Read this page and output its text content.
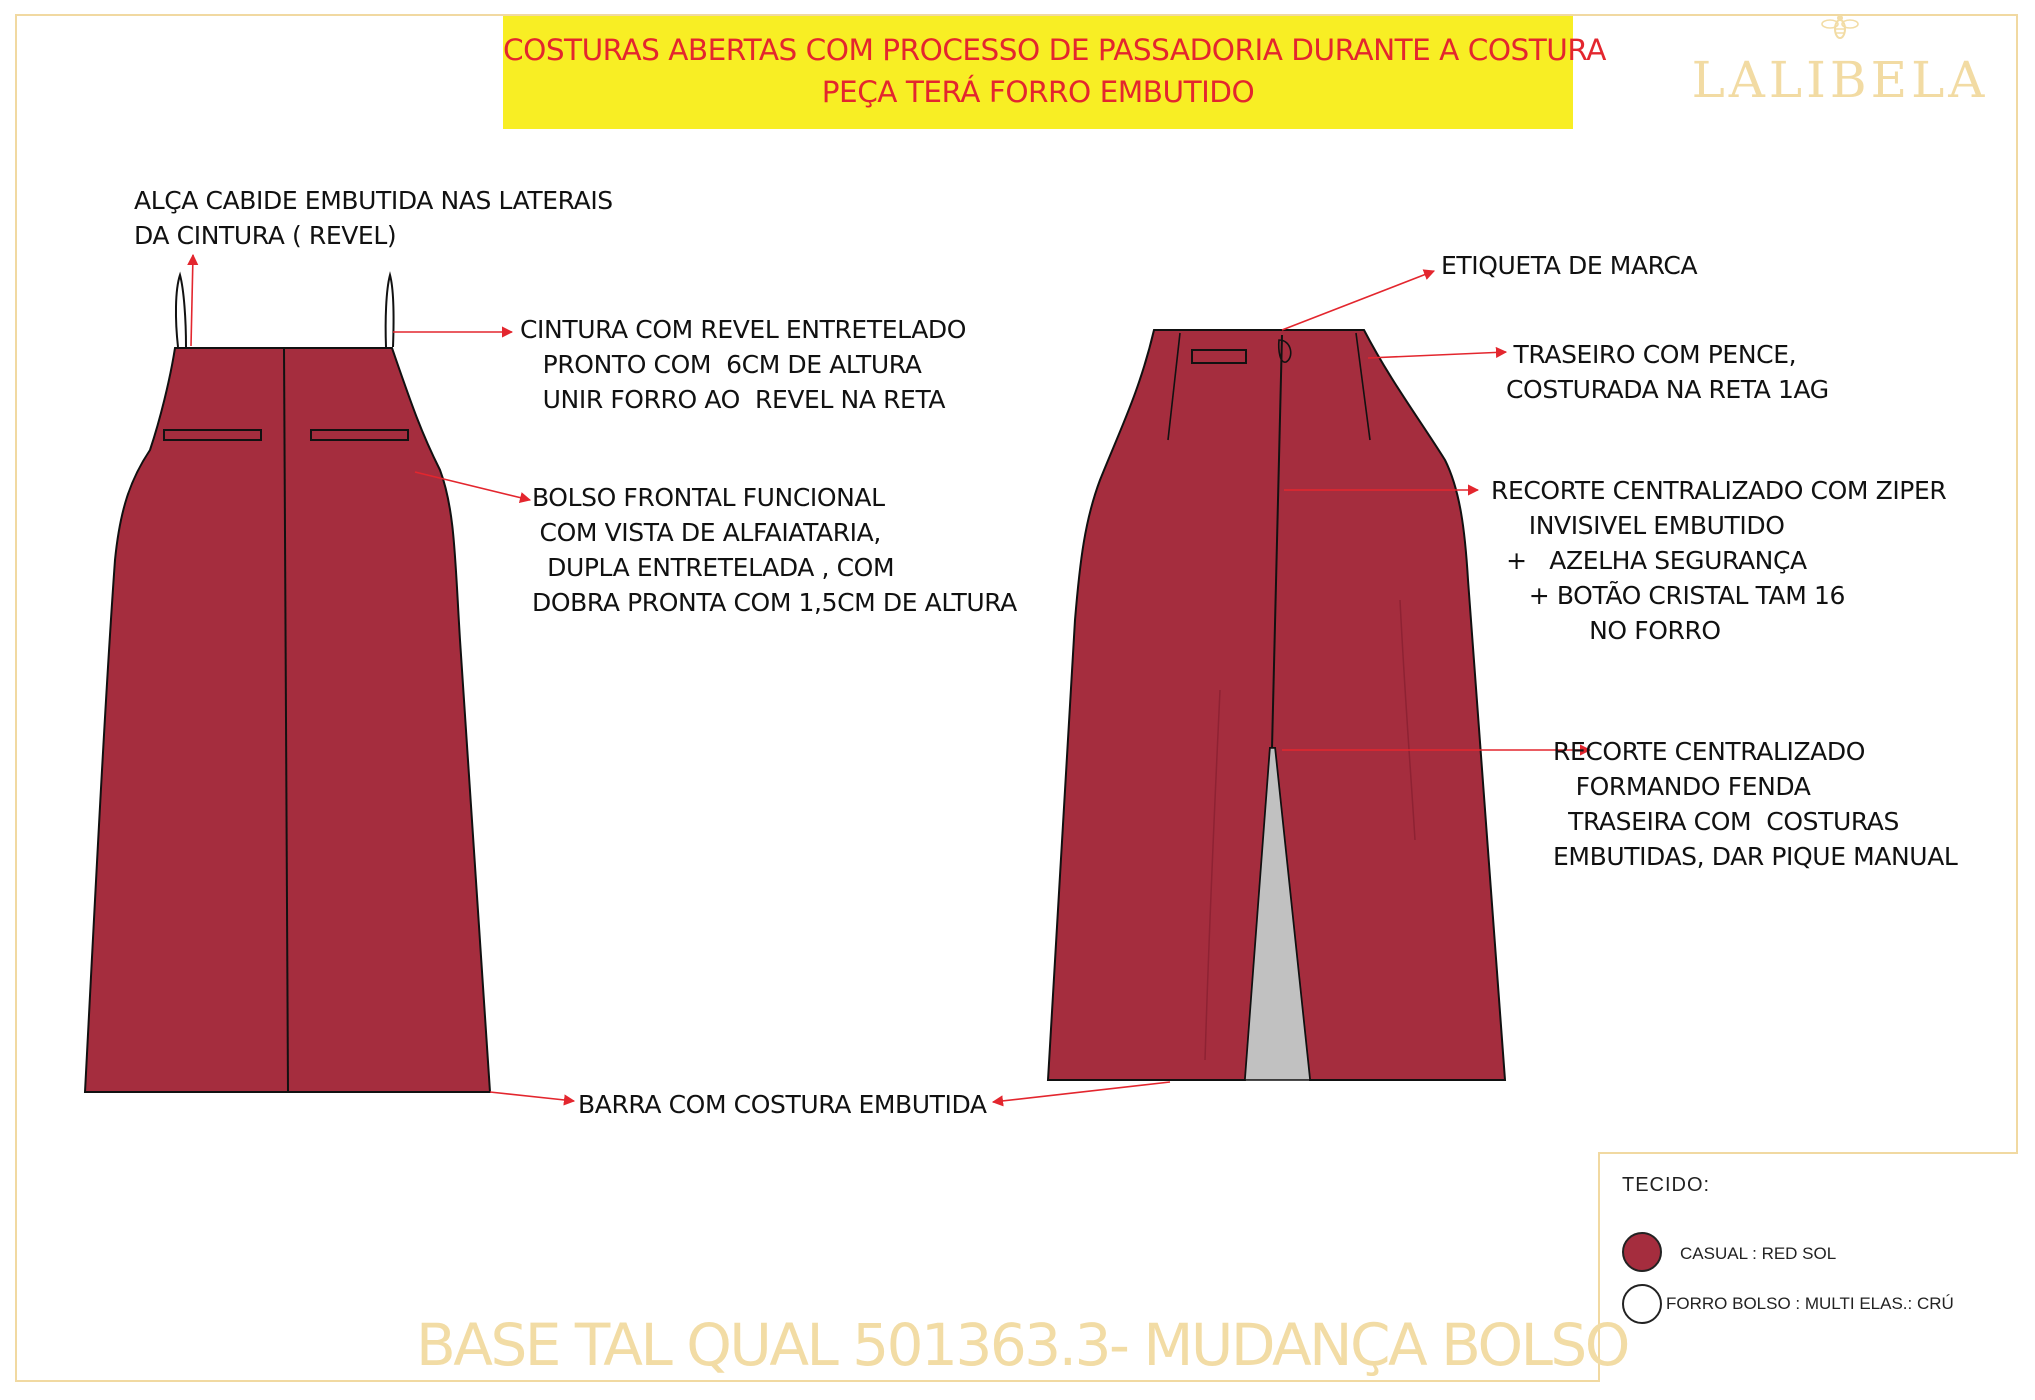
COSTURAS ABERTAS COM PROCESSO DE PASSADORIA DURANTE A COSTURA
PEÇA TERÁ FORRO EMBUTIDO	LALIBELA
ALÇA CABIDE EMBUTIDA NAS LATERAIS
DA CINTURA ( REVEL)
CINTURA COM REVEL ENTRETELADO
PRONTO COM  6CM DE ALTURA
UNIR FORRO AO  REVEL NA RETA
BOLSO FRONTAL FUNCIONAL
COM VISTA DE ALFAIATARIA,
DUPLA ENTRETELADA , COM
DOBRA PRONTA COM 1,5CM DE ALTURA
BARRA COM COSTURA EMBUTIDA
ETIQUETA DE MARCA
TRASEIRO COM PENCE,
COSTURADA NA RETA 1AG
RECORTE CENTRALIZADO COM ZIPER
INVISIVEL EMBUTIDO
+   AZELHA SEGURANÇA
+ BOTÃO CRISTAL TAM 16
NO FORRO
RECORTE CENTRALIZADO
FORMANDO FENDA
TRASEIRA COM  COSTURAS
EMBUTIDAS, DAR PIQUE MANUAL
TECIDO:
CASUAL : RED SOL
FORRO BOLSO : MULTI ELAS.: CRÚ
BASE TAL QUAL 501363.3- MUDANÇA BOLSO
